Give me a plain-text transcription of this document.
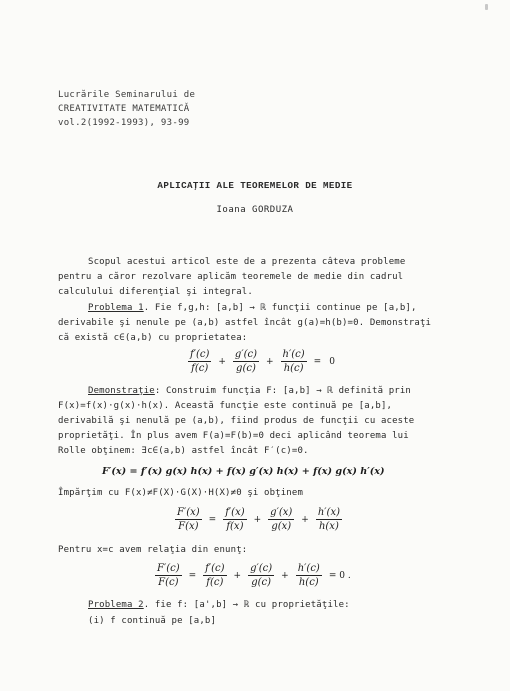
Lucrările Seminarului de
CREATIVITATE MATEMATICĂ
vol.2(1992-1993), 93-99
APLICAŢII ALE TEOREMELOR DE MEDIE
Ioana GORDUZA
Scopul acestui articol este de a prezenta câteva probleme
pentru a căror rezolvare aplicăm teoremele de medie din cadrul
calculului diferenţial şi integral.
Problema 1. Fie f,g,h: [a,b] → ℝ funcţii continue pe [a,b],
derivabile şi nenule pe (a,b) astfel încât g(a)=h(b)=0. Demonstraţi
că există c∈(a,b) cu proprietatea:
$\frac{f'(c)}{f(c)} + \frac{g'(c)}{g(c)} + \frac{h'(c)}{h(c)} = 0$
Demonstraţie: Construim funcţia F: [a,b] → ℝ definită prin
F(x)=f(x)·g(x)·h(x). Această funcţie este continuă pe [a,b],
derivabilă şi nenulă pe (a,b), fiind produs de funcţii cu aceste
proprietăţi. În plus avem F(a)=F(b)=0 deci aplicând teorema lui
Rolle obţinem: ∃c∈(a,b) astfel încât F′(c)=0.
F′(x) = f′(x) g(x) h(x) + f(x) g′(x) h(x) + f(x) g(x) h′(x)
Împărţim cu F(x)≠F(X)·G(X)·H(X)≠0 şi obţinem
$\frac{F'(x)}{F(x)} = \frac{f'(x)}{f(x)} + \frac{g'(x)}{g(x)} + \frac{h'(x)}{h(x)}$
Pentru x=c avem relaţia din enunţ:
$\frac{F'(c)}{F(c)} = \frac{f'(c)}{f(c)} + \frac{g'(c)}{g(c)} + \frac{h'(c)}{h(c)} = 0$ .
Problema 2. fie f: [a',b] → ℝ cu proprietăţile:
(i) f continuă pe [a,b]
